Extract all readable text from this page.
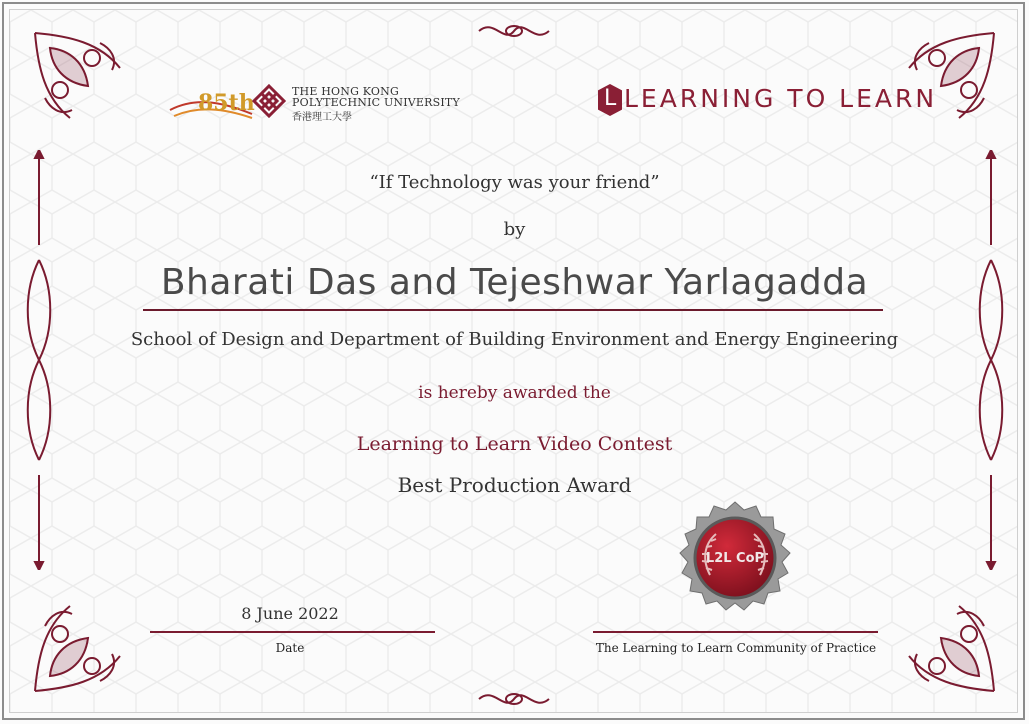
85th	THE HONG KONG
POLYTECHNIC UNIVERSITY
香港理工大學
L LEARNING TO LEARN
“If Technology was your friend”
by
Bharati Das and Tejeshwar Yarlagadda
School of Design and Department of Building Environment and Energy Engineering
is hereby awarded the
Learning to Learn Video Contest
Best Production Award
L2L CoP
8 June 2022
Date	The Learning to Learn Community of Practice
